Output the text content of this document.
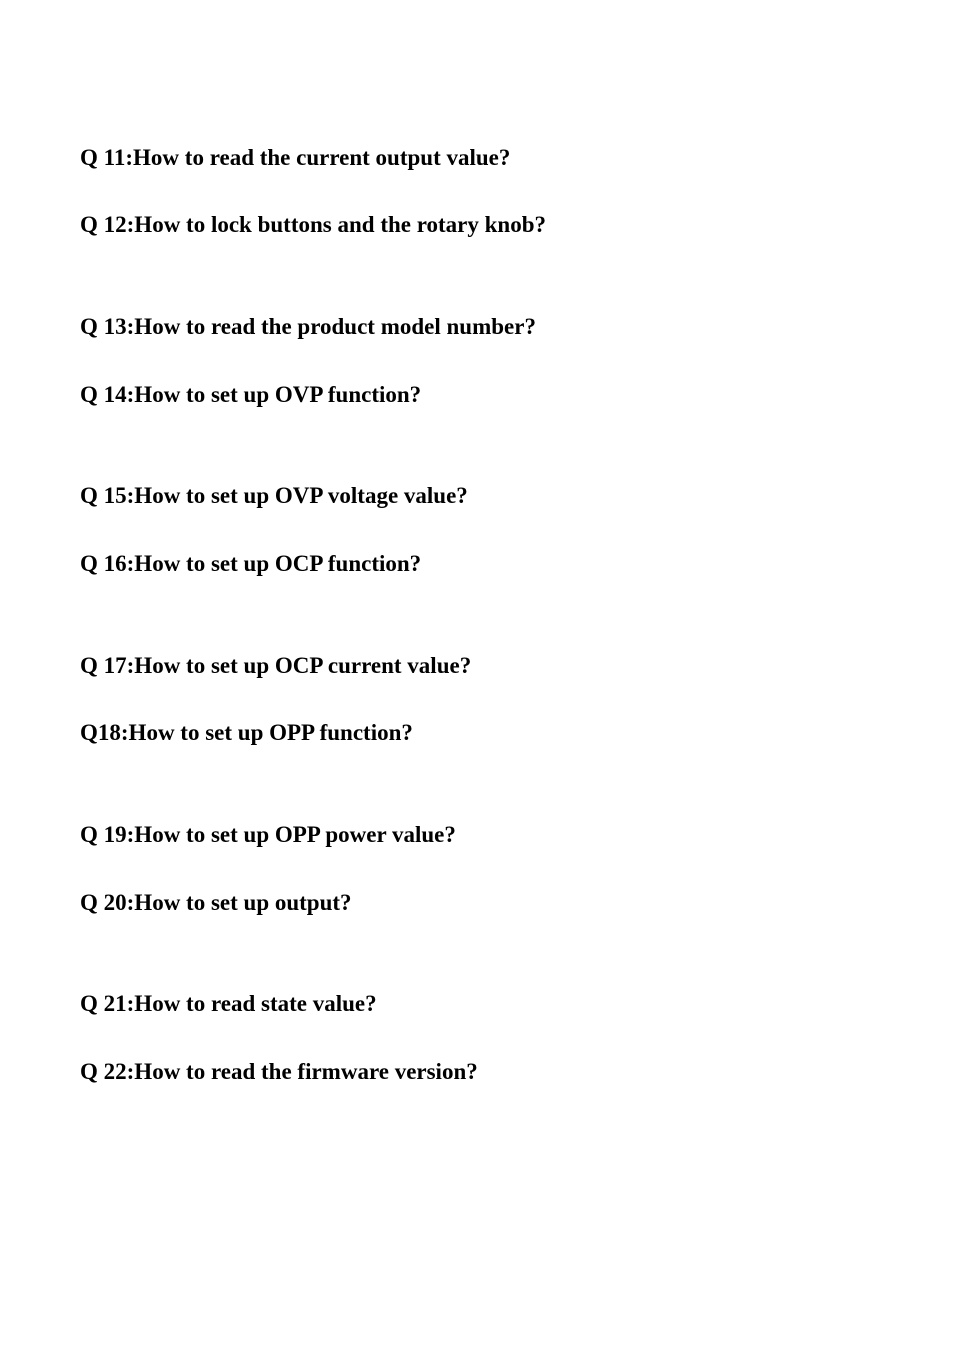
Q 11:How to read the current output value?

Q 12:How to lock buttons and the rotary knob?

Q 13:How to read the product model number?

Q 14:How to set up OVP function?

Q 15:How to set up OVP voltage value?

Q 16:How to set up OCP function?

Q 17:How to set up OCP current value?

Q18:How to set up OPP function?

Q 19:How to set up OPP power value?

Q 20:How to set up output?

Q 21:How to read state value?

Q 22:How to read the firmware version?
